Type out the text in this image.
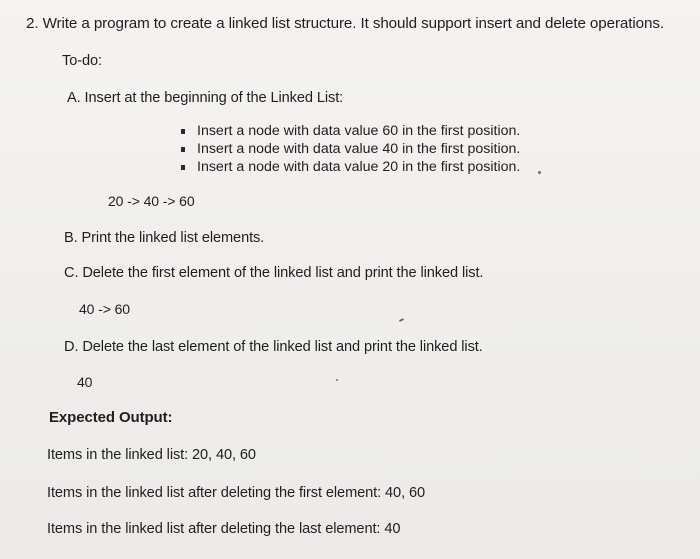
2. Write a program to create a linked list structure. It should support insert and delete operations.
To-do:
A. Insert at the beginning of the Linked List:
Insert a node with data value 60 in the first position.
Insert a node with data value 40 in the first position.
Insert a node with data value 20 in the first position.
20 -> 40 -> 60
B. Print the linked list elements.
C. Delete the first element of the linked list and print the linked list.
40 -> 60
D. Delete the last element of the linked list and print the linked list.
40
Expected Output:
Items in the linked list: 20, 40, 60
Items in the linked list after deleting the first element: 40, 60
Items in the linked list after deleting the last element: 40
